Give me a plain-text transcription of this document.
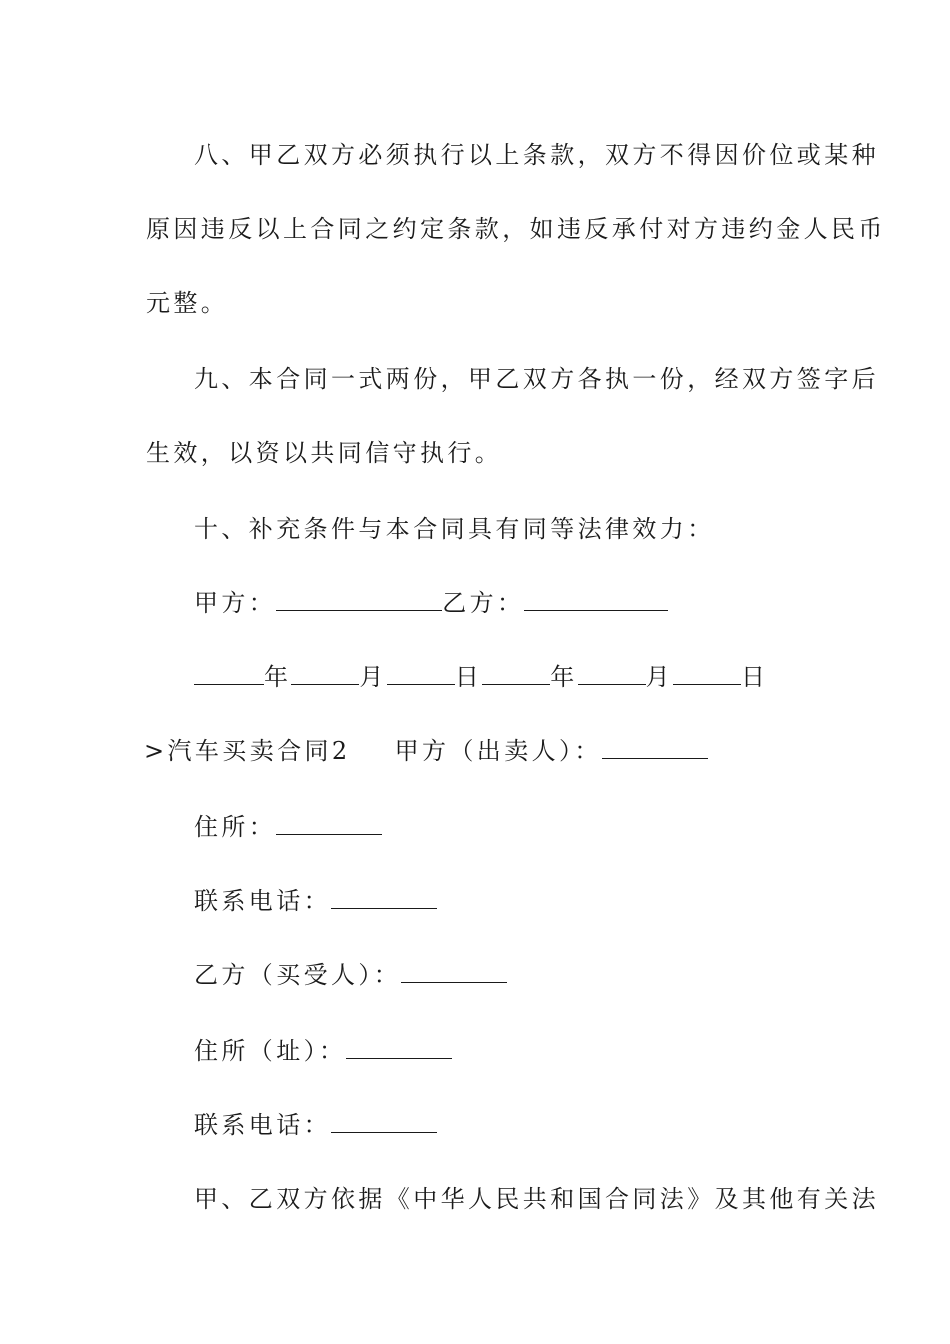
八、甲乙双方必须执行以上条款，双方不得因价位或某种
原因违反以上合同之约定条款，如违反承付对方违约金人民币
元整。
九、本合同一式两份，甲乙双方各执一份，经双方签字后
生效，以资以共同信守执行。
十、补充条件与本合同具有同等法律效力：
甲方：	乙方：
年	月	日	年	月	日
>汽车买卖合同2 甲方（出卖人）：
住所：
联系电话：
乙方（买受人）：
住所（址）：
联系电话：
甲、乙双方依据《中华人民共和国合同法》及其他有关法
